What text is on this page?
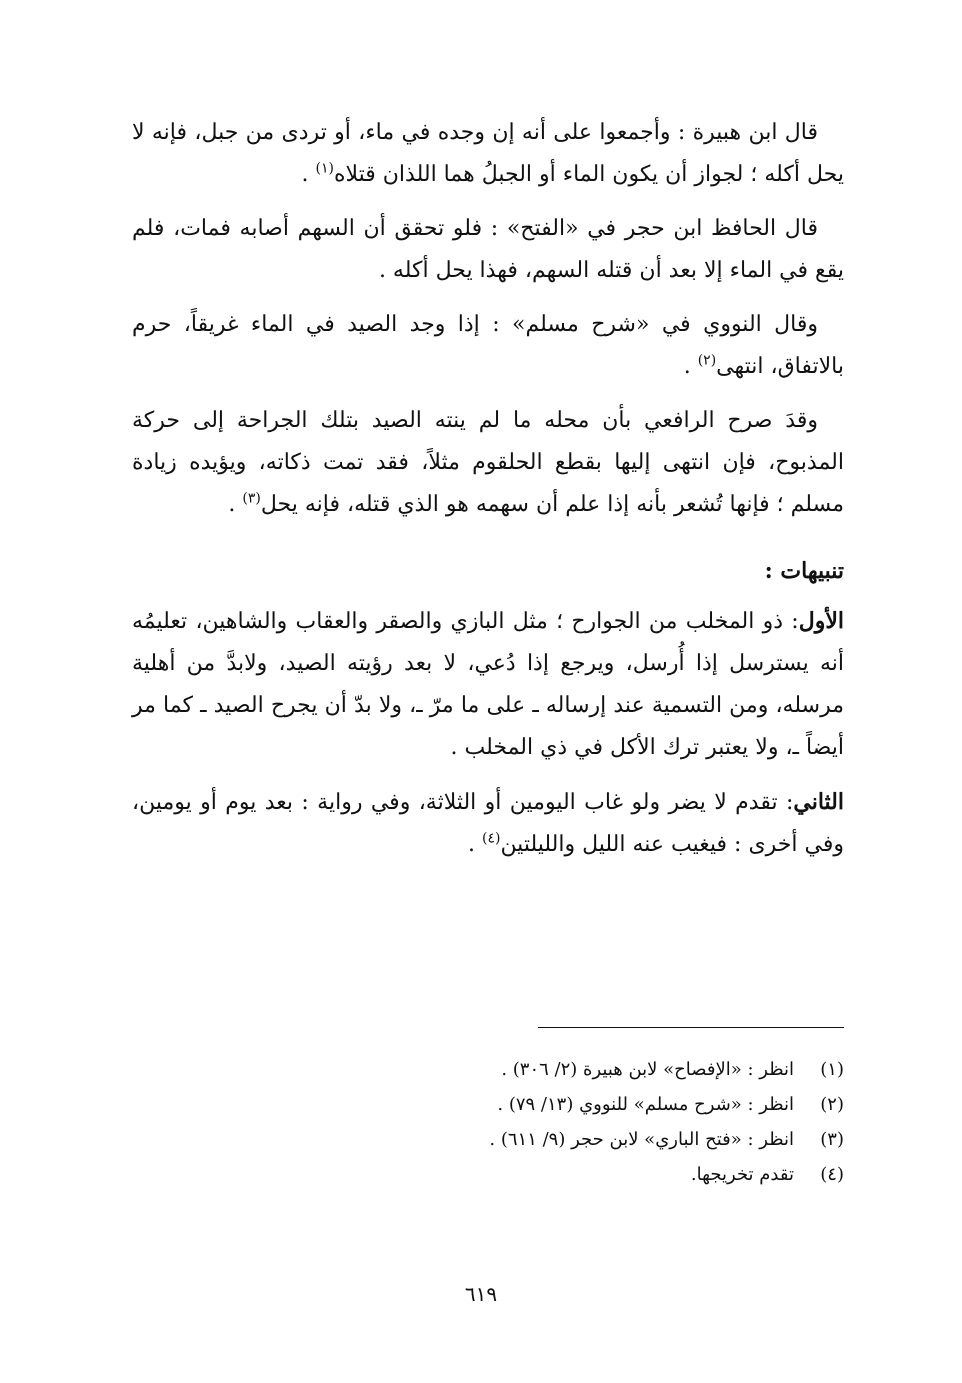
قال ابن هبيرة : وأجمعوا على أنه إن وجده في ماء، أو تردى من جبل، فإنه لا يحل أكله ؛ لجواز أن يكون الماء أو الجبلُ هما اللذان قتلاه$^{(١)}$ .

قال الحافظ ابن حجر في «الفتح» : فلو تحقق أن السهم أصابه فمات، فلم يقع في الماء إلا بعد أن قتله السهم، فهذا يحل أكله .

وقال النووي في «شرح مسلم» : إذا وجد الصيد في الماء غريقاً، حرم بالاتفاق، انتهى$^{(٢)}$ .

وقدَ صرح الرافعي بأن محله ما لم ينته الصيد بتلك الجراحة إلى حركة المذبوح، فإن انتهى إليها بقطع الحلقوم مثلاً، فقد تمت ذكاته، ويؤيده زيادة مسلم ؛ فإنها تُشعر بأنه إذا علم أن سهمه هو الذي قتله، فإنه يحل$^{(٣)}$ .

تنبيهات :

الأول: ذو المخلب من الجوارح ؛ مثل البازي والصقر والعقاب والشاهين، تعليمُه أنه يسترسل إذا أُرسل، ويرجع إذا دُعي، لا بعد رؤيته الصيد، ولابدَّ من أهلية مرسله، ومن التسمية عند إرساله ـ على ما مرّ ـ، ولا بدّ أن يجرح الصيد ـ كما مر أيضاً ـ، ولا يعتبر ترك الأكل في ذي المخلب .

الثاني: تقدم لا يضر ولو غاب اليومين أو الثلاثة، وفي رواية : بعد يوم أو يومين، وفي أخرى : فيغيب عنه الليل والليلتين$^{(٤)}$ .

(١)
انظر : «الإفصاح» لابن هبيرة (٢/ ٣٠٦) .
(٢)
انظر : «شرح مسلم» للنووي (١٣/ ٧٩) .
(٣)
انظر : «فتح الباري» لابن حجر (٩/ ٦١١) .
(٤)
تقدم تخريجها.
٦١٩
